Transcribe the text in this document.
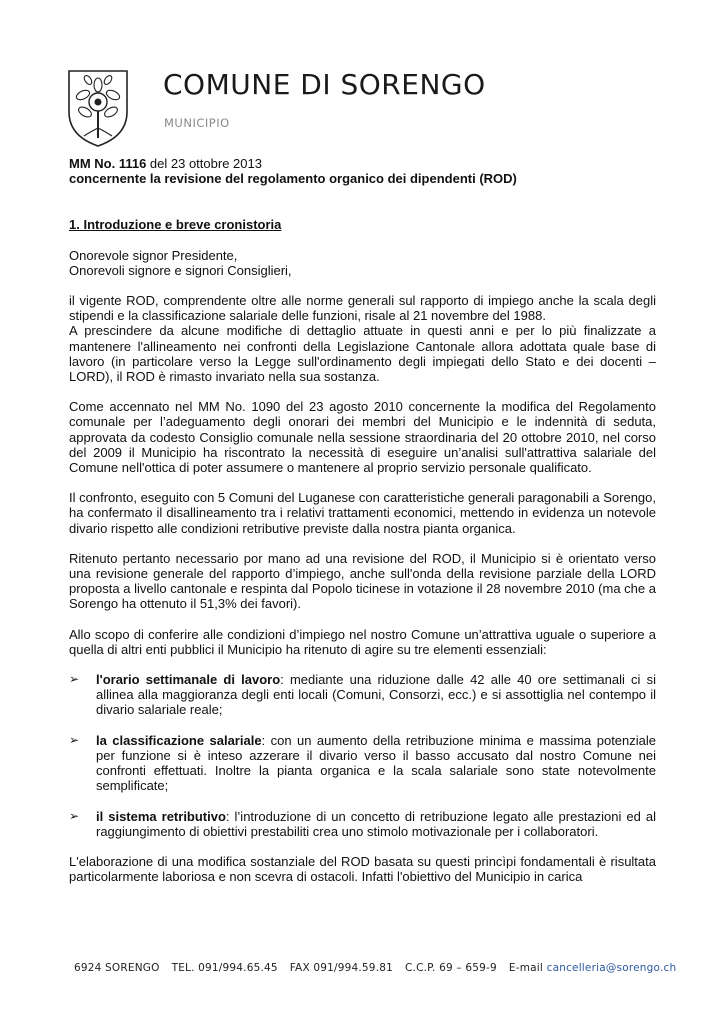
COMUNE DI SORENGO
MUNICIPIO

MM No. 1116 del 23 ottobre 2013

concernente la revisione del regolamento organico dei dipendenti (ROD)

1. Introduzione e breve cronistoria

Onorevole signor Presidente,

Onorevoli signore e signori Consiglieri,

il vigente ROD, comprendente oltre alle norme generali sul rapporto di impiego anche la scala degli stipendi e la classificazione salariale delle funzioni, risale al 21 novembre del 1988.

A prescindere da alcune modifiche di dettaglio attuate in questi anni e per lo più finalizzate a mantenere l'allineamento nei confronti della Legislazione Cantonale allora adottata quale base di lavoro (in particolare verso la Legge sull'ordinamento degli impiegati dello Stato e dei docenti – LORD), il ROD è rimasto invariato nella sua sostanza.

Come accennato nel MM No. 1090 del 23 agosto 2010 concernente la modifica del Regolamento comunale per l’adeguamento degli onorari dei membri del Municipio e le indennità di seduta, approvata da codesto Consiglio comunale nella sessione straordinaria del 20 ottobre 2010, nel corso del 2009 il Municipio ha riscontrato la necessità di eseguire un’analisi sull'attrattiva salariale del Comune nell'ottica di poter assumere o mantenere al proprio servizio personale qualificato.

Il confronto, eseguito con 5 Comuni del Luganese con caratteristiche generali paragonabili a Sorengo, ha confermato il disallineamento tra i relativi trattamenti economici, mettendo in evidenza un notevole divario rispetto alle condizioni retributive previste dalla nostra pianta organica.

Ritenuto pertanto necessario por mano ad una revisione del ROD, il Municipio si è orientato verso una revisione generale del rapporto d’impiego, anche sull'onda della revisione parziale della LORD proposta a livello cantonale e respinta dal Popolo ticinese in votazione il 28 novembre 2010 (ma che a Sorengo ha ottenuto il 51,3% dei favori).

Allo scopo di conferire alle condizioni d’impiego nel nostro Comune un’attrattiva uguale o superiore a quella di altri enti pubblici il Municipio ha ritenuto di agire su tre elementi essenziali:

➢ l'orario settimanale di lavoro: mediante una riduzione dalle 42 alle 40 ore settimanali ci si allinea alla maggioranza degli enti locali (Comuni, Consorzi, ecc.) e si assottiglia nel contempo il divario salariale reale;
➢ la classificazione salariale: con un aumento della retribuzione minima e massima potenziale per funzione si è inteso azzerare il divario verso il basso accusato dal nostro Comune nei confronti effettuati. Inoltre la pianta organica e la scala salariale sono state notevolmente semplificate;
➢ il sistema retributivo: l’introduzione di un concetto di retribuzione legato alle prestazioni ed al raggiungimento di obiettivi prestabiliti crea uno stimolo motivazionale per i collaboratori.

L'elaborazione di una modifica sostanziale del ROD basata su questi princìpi fondamentali è risultata particolarmente laboriosa e non scevra di ostacoli. Infatti l'obiettivo del Municipio in carica

6924 SORENGO TEL. 091/994.65.45 FAX 091/994.59.81 C.C.P. 69 – 659-9 E-mail cancelleria@sorengo.ch
